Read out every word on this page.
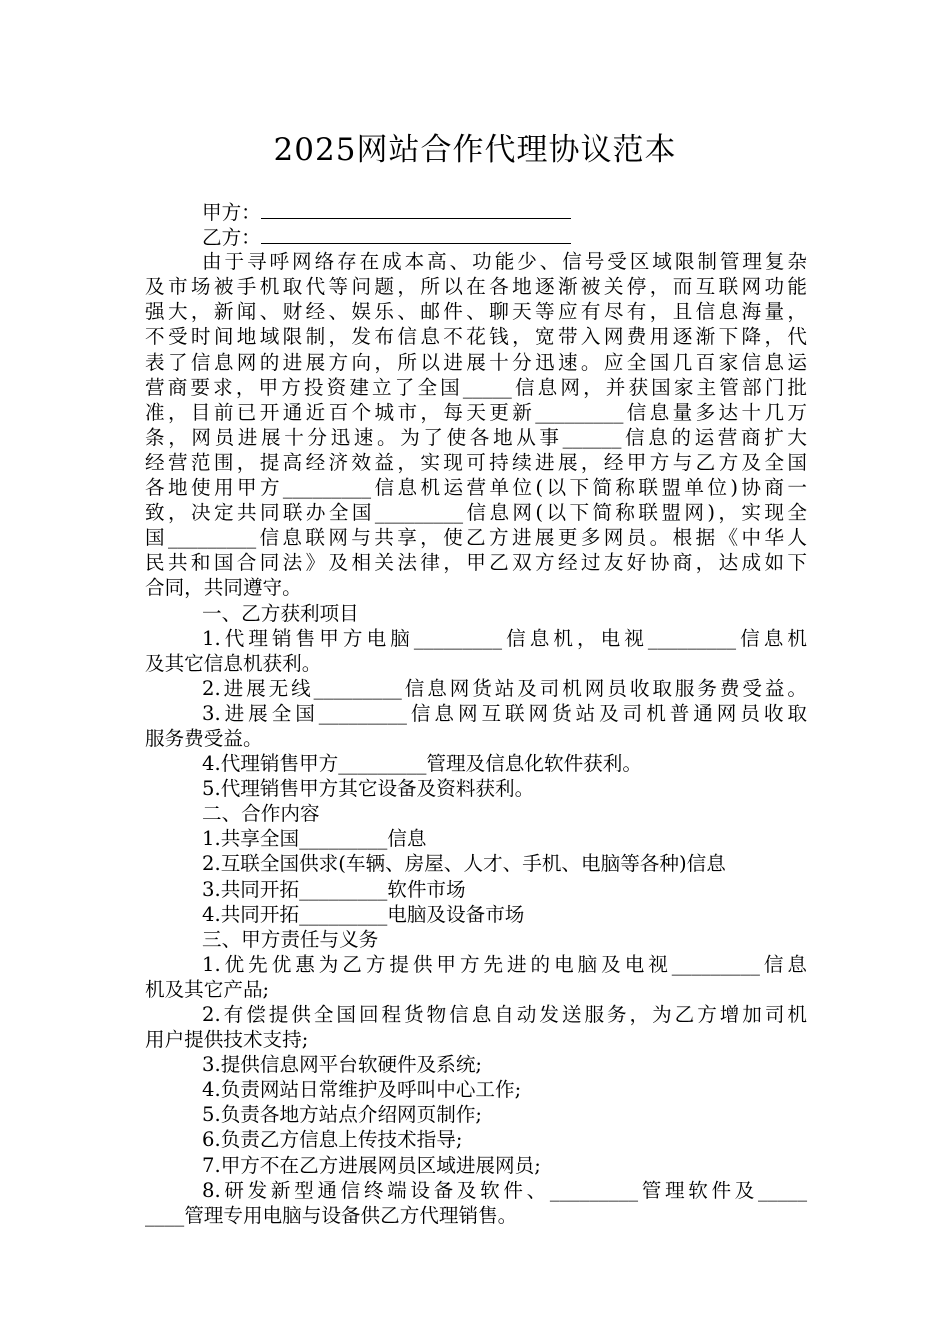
2025网站合作代理协议范本
甲方：
乙方：
由于寻呼网络存在成本高、功能少、信号受区域限制管理复杂
及市场被手机取代等问题，所以在各地逐渐被关停，而互联网功能
强大，新闻、财经、娱乐、邮件、聊天等应有尽有，且信息海量，
不受时间地域限制，发布信息不花钱，宽带入网费用逐渐下降，代
表了信息网的进展方向，所以进展十分迅速。应全国几百家信息运
营商要求，甲方投资建立了全国_____信息网，并获国家主管部门批
准，目前已开通近百个城市，每天更新_________信息量多达十几万
条，网员进展十分迅速。为了使各地从事______信息的运营商扩大
经营范围，提高经济效益，实现可持续进展，经甲方与乙方及全国
各地使用甲方_________信息机运营单位(以下简称联盟单位)协商一
致，决定共同联办全国_________信息网(以下简称联盟网)，实现全
国_________信息联网与共享，使乙方进展更多网员。根据《中华人
民共和国合同法》及相关法律，甲乙双方经过友好协商，达成如下
合同，共同遵守。
一、乙方获利项目
1.代理销售甲方电脑_________信息机，电视_________信息机
及其它信息机获利。
2.进展无线_________信息网货站及司机网员收取服务费受益。
3.进展全国_________信息网互联网货站及司机普通网员收取
服务费受益。
4.代理销售甲方_________管理及信息化软件获利。
5.代理销售甲方其它设备及资料获利。
二、合作内容
1.共享全国_________信息
2.互联全国供求(车辆、房屋、人才、手机、电脑等各种)信息
3.共同开拓_________软件市场
4.共同开拓_________电脑及设备市场
三、甲方责任与义务
1.优先优惠为乙方提供甲方先进的电脑及电视_________信息
机及其它产品;
2.有偿提供全国回程货物信息自动发送服务，为乙方增加司机
用户提供技术支持;
3.提供信息网平台软硬件及系统;
4.负责网站日常维护及呼叫中心工作;
5.负责各地方站点介绍网页制作;
6.负责乙方信息上传技术指导;
7.甲方不在乙方进展网员区域进展网员;
8.研发新型通信终端设备及软件、_________管理软件及_____
____管理专用电脑与设备供乙方代理销售。
